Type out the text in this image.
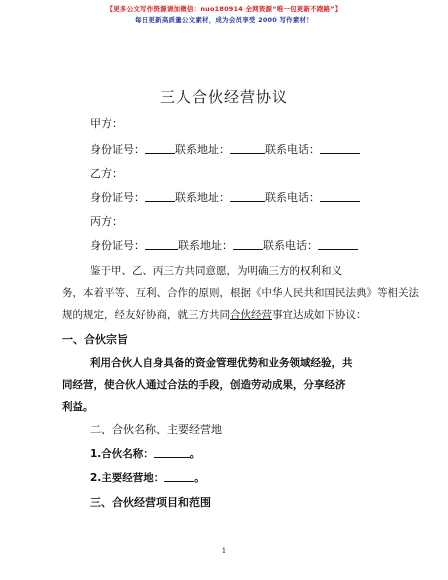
【更多公文写作资源请加微信：nuo180914 全网资源“唯一包更新不跑路”】
每日更新高质量公文素材，成为会员享受 2000 写作素材！
三人合伙经营协议
甲方：
身份证号：	联系地址：	联系电话：
乙方：
身份证号：	联系地址：	联系电话：
丙方：
身份证号：	联系地址：	联系电话：
鉴于甲、乙、丙三方共同意愿，为明确三方的权利和义
务，本着平等、互利、合作的原则，根据《中华人民共和国民法典》等相关法
规的规定，经友好协商，就三方共同合伙经营事宜达成如下协议：
一、合伙宗旨
利用合伙人自身具备的资金管理优势和业务领域经验，共
同经营，使合伙人通过合法的手段，创造劳动成果，分享经济
利益。
二、合伙名称、主要经营地
1.合伙名称：	。
2.主要经营地：	。
三、合伙经营项目和范围
1
